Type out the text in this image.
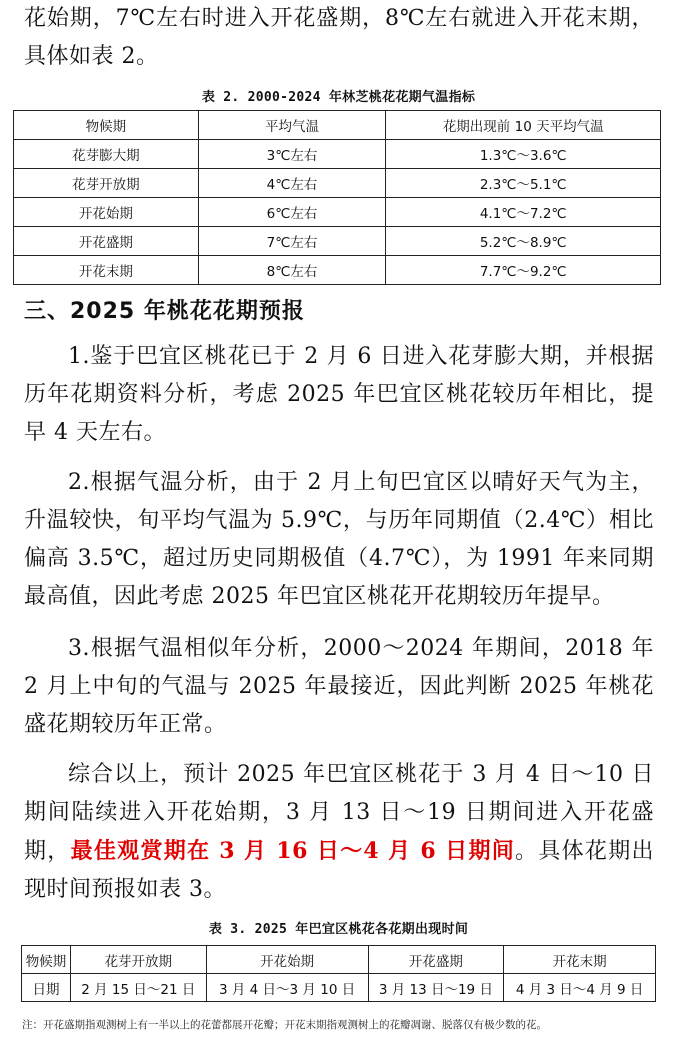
花始期，7℃左右时进入开花盛期，8℃左右就进入开花末期，具体如表 2。

表 2. 2000-2024 年林芝桃花花期气温指标
物候期	平均气温	花期出现前 10 天平均气温
花芽膨大期	3℃左右	1.3℃～3.6℃
花芽开放期	4℃左右	2.3℃～5.1℃
开花始期	6℃左右	4.1℃～7.2℃
开花盛期	7℃左右	5.2℃～8.9℃
开花末期	8℃左右	7.7℃～9.2℃
三、2025 年桃花花期预报

1.鉴于巴宜区桃花已于 2 月 6 日进入花芽膨大期，并根据历年花期资料分析，考虑 2025 年巴宜区桃花较历年相比，提早 4 天左右。

2.根据气温分析，由于 2 月上旬巴宜区以晴好天气为主，升温较快，旬平均气温为 5.9℃，与历年同期值（2.4℃）相比偏高 3.5℃，超过历史同期极值（4.7℃），为 1991 年来同期最高值，因此考虑 2025 年巴宜区桃花开花期较历年提早。

3.根据气温相似年分析，2000～2024 年期间，2018 年 2 月上中旬的气温与 2025 年最接近，因此判断 2025 年桃花盛花期较历年正常。

综合以上，预计 2025 年巴宜区桃花于 3 月 4 日～10 日期间陆续进入开花始期，3 月 13 日～19 日期间进入开花盛期，最佳观赏期在 3 月 16 日～4 月 6 日期间。具体花期出现时间预报如表 3。

表 3. 2025 年巴宜区桃花各花期出现时间
物候期	花芽开放期	开花始期	开花盛期	开花末期
日期	2 月 15 日～21 日	3 月 4 日～3 月 10 日	3 月 13 日～19 日	4 月 3 日～4 月 9 日
注：开花盛期指观测树上有一半以上的花蕾都展开花瓣；开花末期指观测树上的花瓣凋谢、脱落仅有极少数的花。
